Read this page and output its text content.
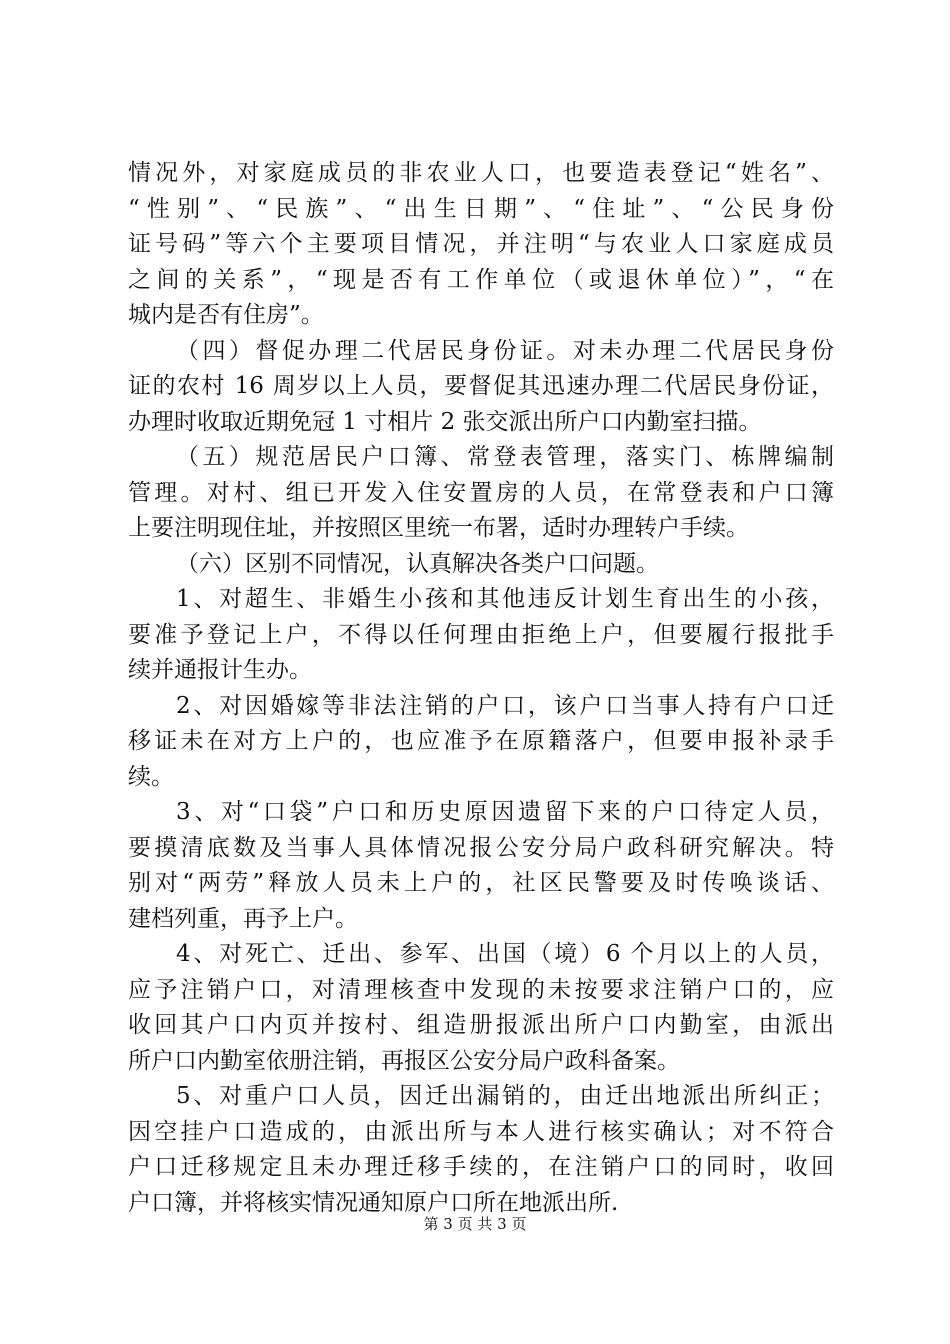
情况外，对家庭成员的非农业人口，也要造表登记“姓名”、
“性别”、“民族”、“出生日期”、“住址”、“公民身份
证号码”等六个主要项目情况，并注明“与农业人口家庭成员
之间的关系”，“现是否有工作单位（或退休单位）”，“在
城内是否有住房”。
（四）督促办理二代居民身份证。对未办理二代居民身份
证的农村 16 周岁以上人员，要督促其迅速办理二代居民身份证，
办理时收取近期免冠 1 寸相片 2 张交派出所户口内勤室扫描。
（五）规范居民户口簿、常登表管理，落实门、栋牌编制
管理。对村、组已开发入住安置房的人员，在常登表和户口簿
上要注明现住址，并按照区里统一布署，适时办理转户手续。
（六）区别不同情况，认真解决各类户口问题。
1、对超生、非婚生小孩和其他违反计划生育出生的小孩，
要准予登记上户，不得以任何理由拒绝上户，但要履行报批手
续并通报计生办。
2、对因婚嫁等非法注销的户口，该户口当事人持有户口迁
移证未在对方上户的，也应准予在原籍落户，但要申报补录手
续。
3、对“口袋”户口和历史原因遗留下来的户口待定人员，
要摸清底数及当事人具体情况报公安分局户政科研究解决。特
别对“两劳”释放人员未上户的，社区民警要及时传唤谈话、
建档列重，再予上户。
4、对死亡、迁出、参军、出国（境）6 个月以上的人员，
应予注销户口，对清理核查中发现的未按要求注销户口的，应
收回其户口内页并按村、组造册报派出所户口内勤室，由派出
所户口内勤室依册注销，再报区公安分局户政科备案。
5、对重户口人员，因迁出漏销的，由迁出地派出所纠正；
因空挂户口造成的，由派出所与本人进行核实确认；对不符合
户口迁移规定且未办理迁移手续的，在注销户口的同时，收回
户口簿，并将核实情况通知原户口所在地派出所.
第 3 页 共 3 页
